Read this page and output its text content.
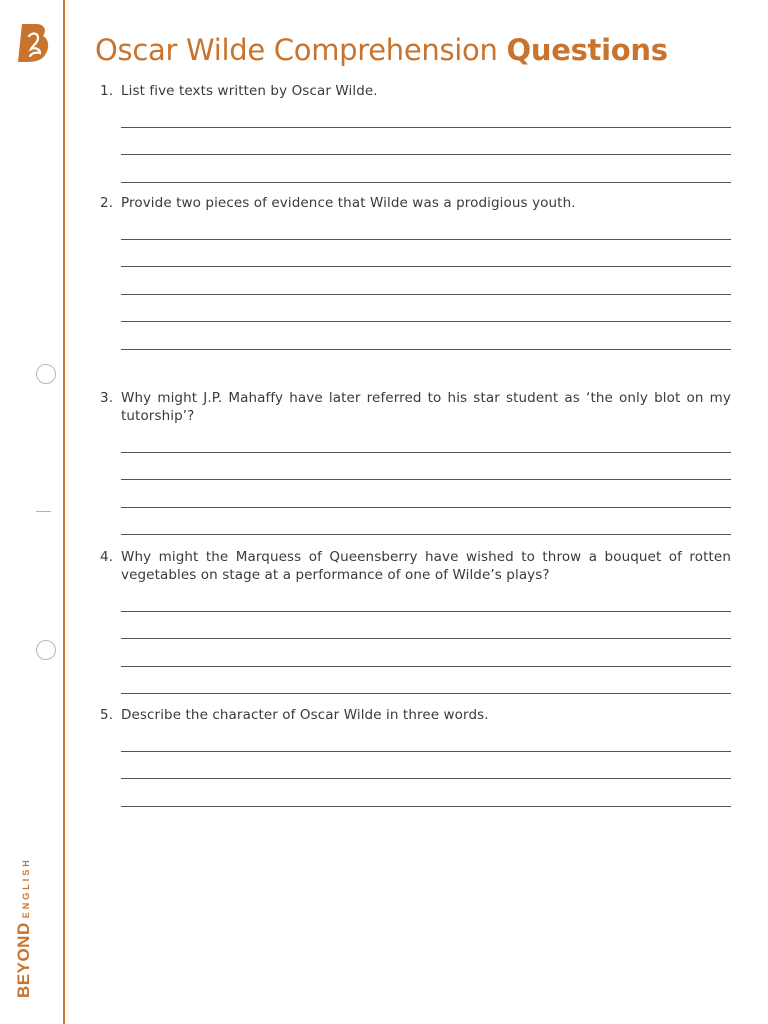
BEYONDENGLISH
Oscar Wilde Comprehension Questions
1. List five texts written by Oscar Wilde.
2. Provide two pieces of evidence that Wilde was a prodigious youth.
3. Why might J.P. Mahaffy have later referred to his star student as ‘the only blot on my tutorship’?
4. Why might the Marquess of Queensberry have wished to throw a bouquet of rotten vegetables on stage at a performance of one of Wilde’s plays?
5. Describe the character of Oscar Wilde in three words.
